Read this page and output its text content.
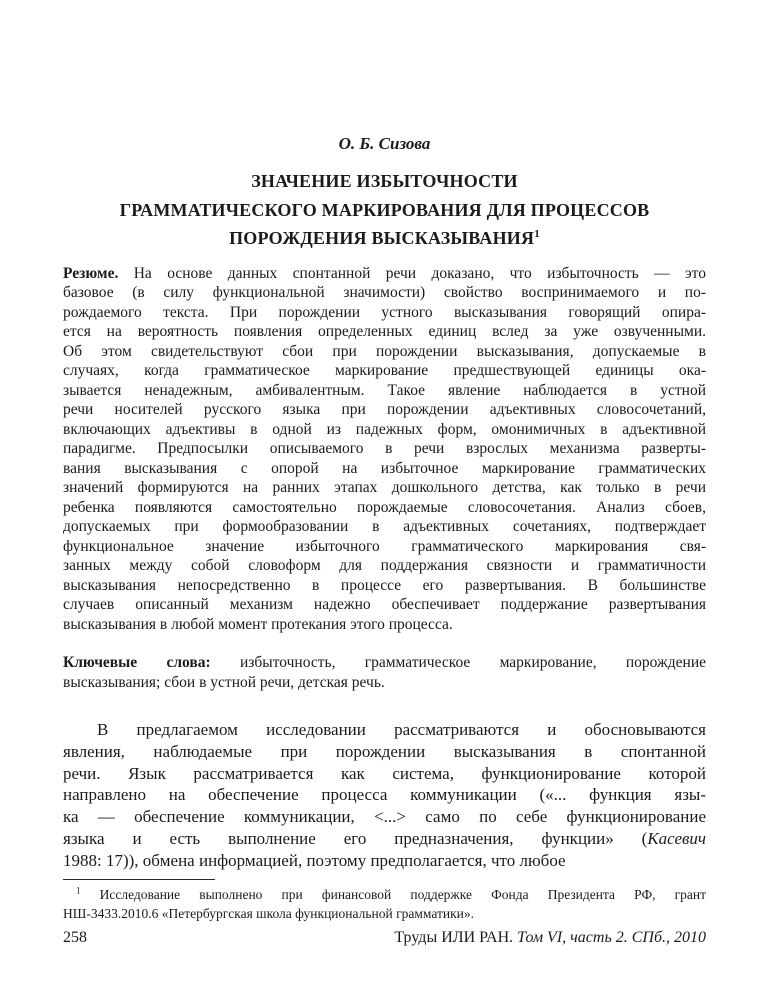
О. Б. Сизова
ЗНАЧЕНИЕ ИЗБЫТОЧНОСТИ
ГРАММАТИЧЕСКОГО МАРКИРОВАНИЯ ДЛЯ ПРОЦЕССОВ
ПОРОЖДЕНИЯ ВЫСКАЗЫВАНИЯ$^1$
Резюме. На основе данных спонтанной речи доказано, что избыточность — это
базовое (в силу функциональной значимости) свойство воспринимаемого и по-
рождаемого текста. При порождении устного высказывания говорящий опира-
ется на вероятность появления определенных единиц вслед за уже озвученными.
Об этом свидетельствуют сбои при порождении высказывания, допускаемые в
случаях, когда грамматическое маркирование предшествующей единицы ока-
зывается ненадежным, амбивалентным. Такое явление наблюдается в устной
речи носителей русского языка при порождении адъективных словосочетаний,
включающих адъективы в одной из падежных форм, омонимичных в адъективной
парадигме. Предпосылки описываемого в речи взрослых механизма разверты-
вания высказывания с опорой на избыточное маркирование грамматических
значений формируются на ранних этапах дошкольного детства, как только в речи
ребенка появляются самостоятельно порождаемые словосочетания. Анализ сбоев,
допускаемых при формообразовании в адъективных сочетаниях, подтверждает
функциональное значение избыточного грамматического маркирования свя-
занных между собой словоформ для поддержания связности и грамматичности
высказывания непосредственно в процессе его развертывания. В большинстве
случаев описанный механизм надежно обеспечивает поддержание развертывания
высказывания в любой момент протекания этого процесса.
Ключевые слова: избыточность, грамматическое маркирование, порождение
высказывания; сбои в устной речи, детская речь.
В предлагаемом исследовании рассматриваются и обосновываются
явления, наблюдаемые при порождении высказывания в спонтанной
речи. Язык рассматривается как система, функционирование которой
направлено на обеспечение процесса коммуникации («... функция язы-
ка — обеспечение коммуникации, <...> само по себе функционирование
языка и есть выполнение его предназначения, функции» (Касевич
1988: 17)), обмена информацией, поэтому предполагается, что любое
$^1$ Исследование выполнено при финансовой поддержке Фонда Президента РФ, грант
НШ-3433.2010.6 «Петербургская школа функциональной грамматики».
258	Труды ИЛИ РАН. Том VI, часть 2. СПб., 2010
